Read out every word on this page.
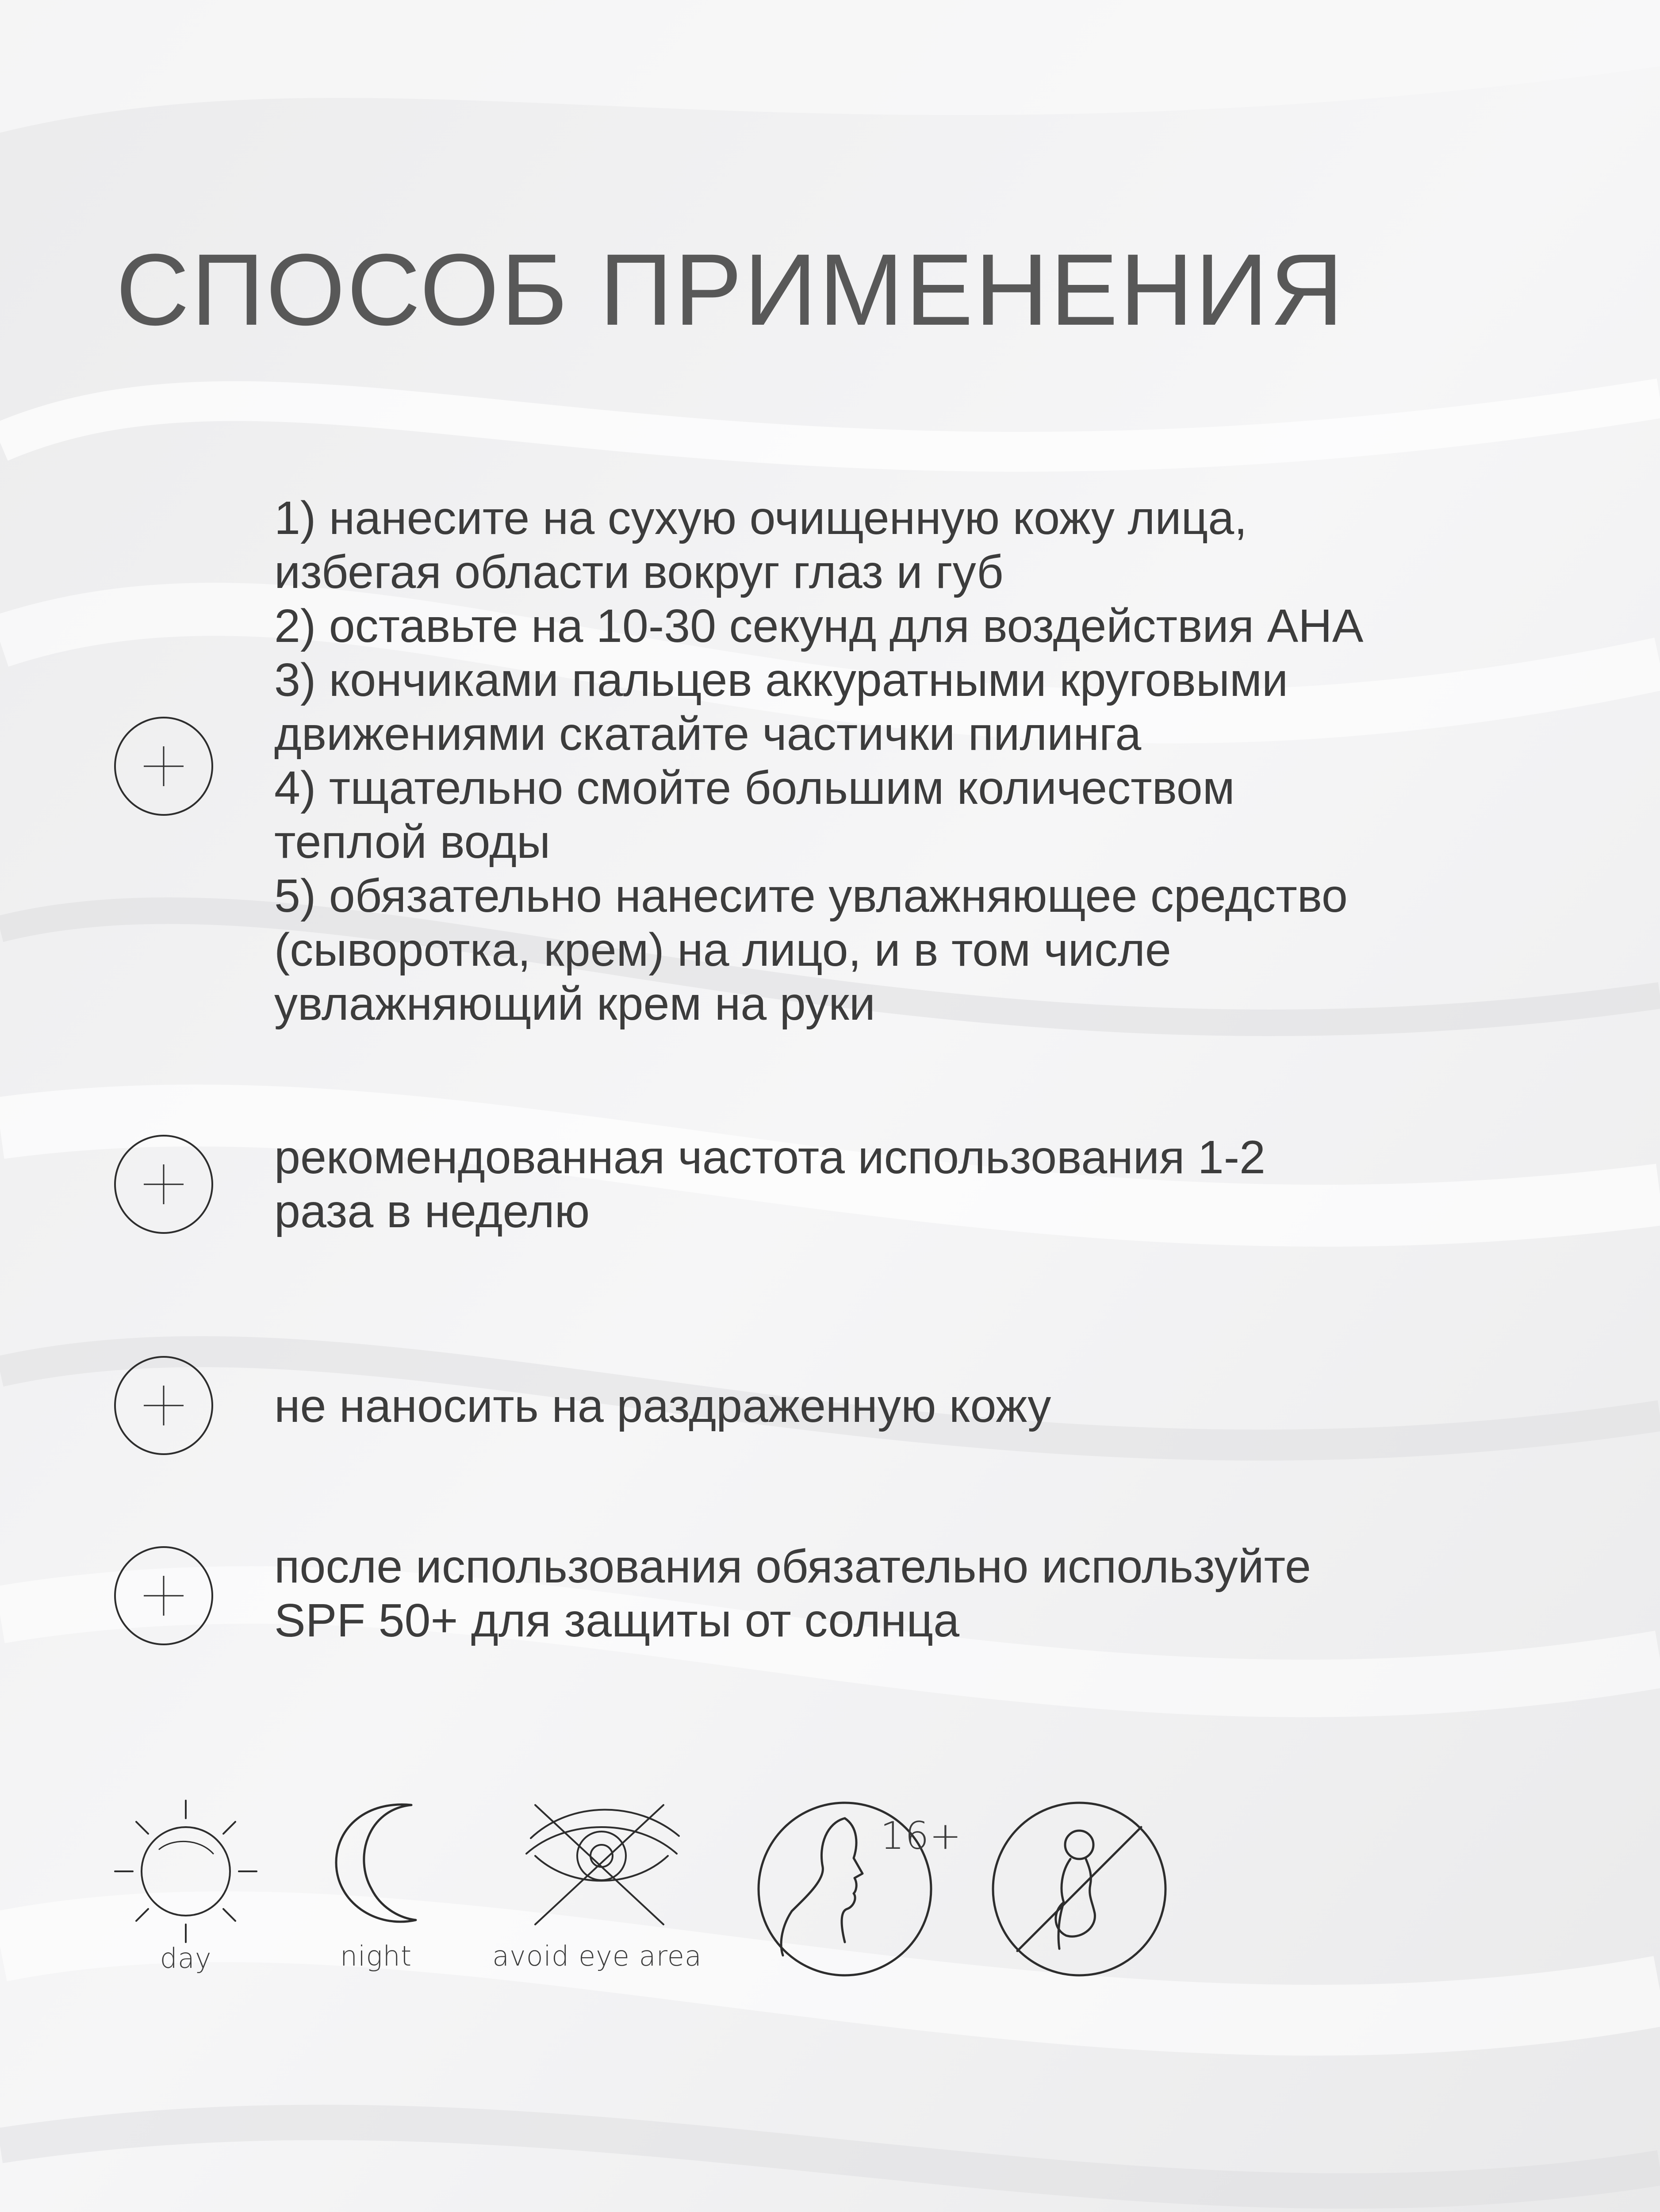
СПОСОБ ПРИМЕНЕНИЯ
1) нанесите на сухую очищенную кожу лица,
избегая области вокруг глаз и губ
2) оставьте на 10-30 секунд для воздействия AHA
3) кончиками пальцев аккуратными круговыми
движениями скатайте частички пилинга
4) тщательно смойте большим количеством
теплой воды
5) обязательно нанесите увлажняющее средство
(сыворотка, крем) на лицо, и в том числе
увлажняющий крем на руки
рекомендованная частота использования 1-2
раза в неделю
не наносить на раздраженную кожу
после использования обязательно используйте
SPF 50+ для защиты от солнца
day	night	avoid eye area
16+
